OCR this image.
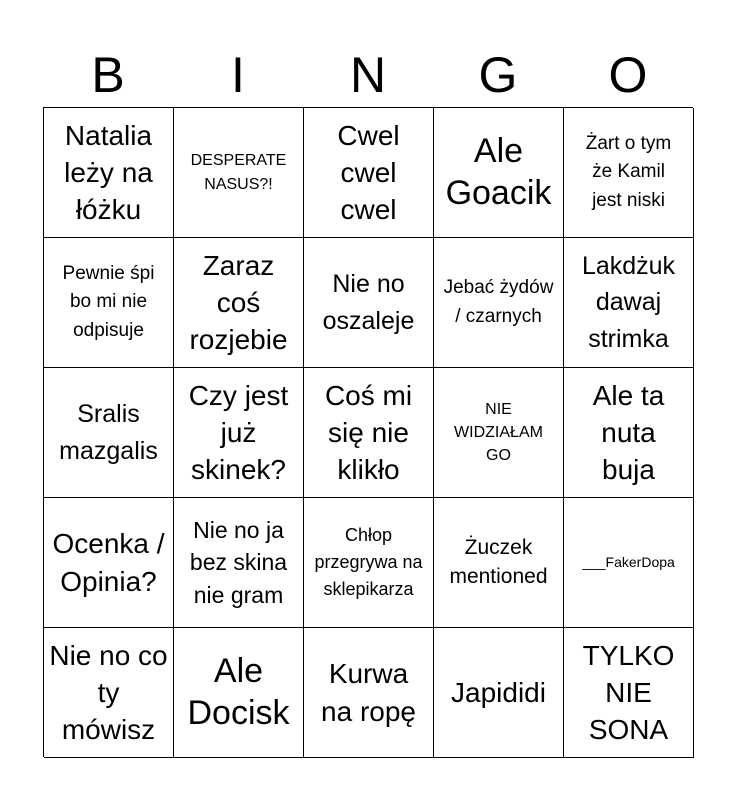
B	I	N	G	O
Natalia leży na łóżku
DESPERATE NASUS?!
Cwel cwel cwel
Ale Goacik
Żart o tym że Kamil jest niski
Pewnie śpi bo mi nie odpisuje
Zaraz coś rozjebie
Nie no oszaleje
Jebać żydów / czarnych
Lakdżuk dawaj strimka
Sralis mazgalis
Czy jest już skinek?
Coś mi się nie klikło
NIE WIDZIAŁAM GO
Ale ta nuta buja
Ocenka / Opinia?
Nie no ja bez skina nie gram
Chłop przegrywa na sklepikarza
Żuczek mentioned
___FakerDopa
Nie no co ty mówisz
Ale Docisk
Kurwa na ropę
Japididi
TYLKO NIE SONA
